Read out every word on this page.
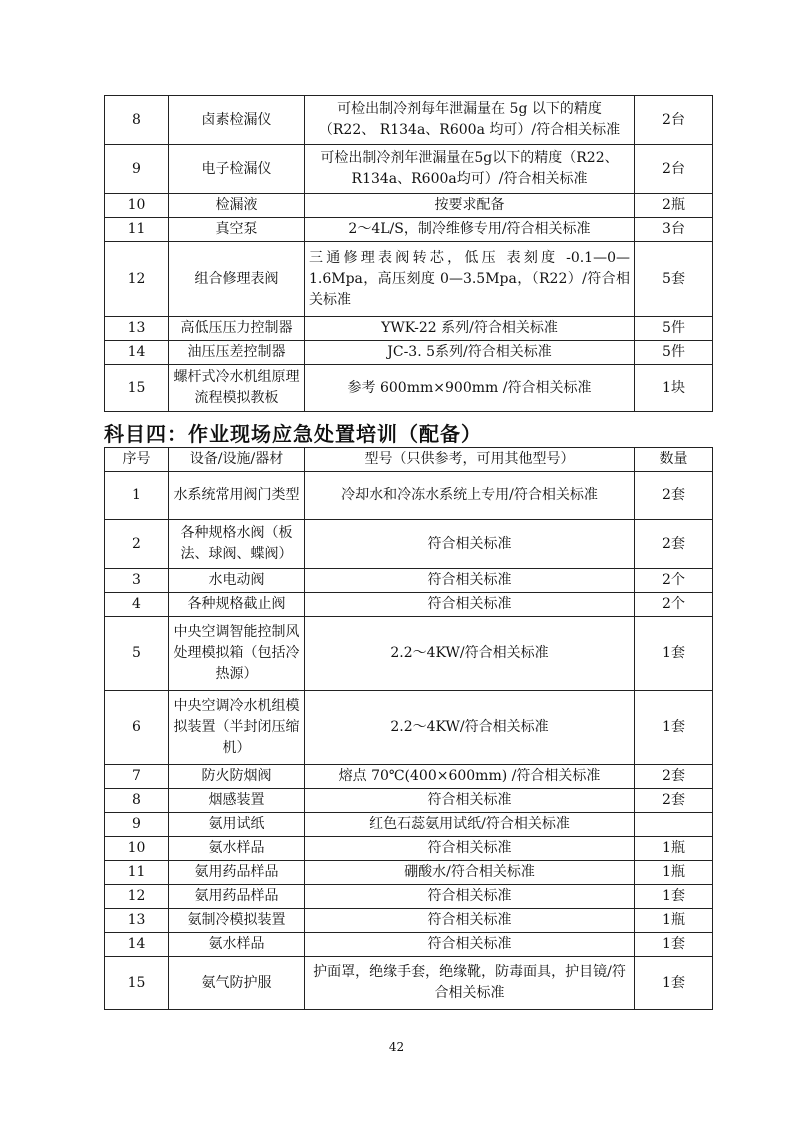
8	卤素检漏仪	可检出制冷剂每年泄漏量在 5g 以下的精度（R22、 R134a、R600a 均可）/符合相关标准	2台
9	电子检漏仪	可检出制冷剂年泄漏量在5g以下的精度（R22、R134a、R600a均可）/符合相关标准	2台
10	检漏液	按要求配备	2瓶
11	真空泵	2〜4L/S，制冷维修专用/符合相关标准	3台
12	组合修理表阀	三通修理表阀转芯，低压 表刻度 -0.1—0—1.6Mpa，高压刻度 0—3.5Mpa，（R22）/符合相关标准	5套
13	高低压压力控制器	YWK-22 系列/符合相关标准	5件
14	油压压差控制器	JC-3. 5系列/符合相关标准	5件
15	螺杆式冷水机组原理流程模拟教板	参考 600mm×900mm /符合相关标准	1块
科目四：作业现场应急处置培训（配备）
序号	设备/设施/器材	型号（只供参考，可用其他型号）	数量
1	水系统常用阀门类型	冷却水和冷冻水系统上专用/符合相关标准	2套
2	各种规格水阀（板法、球阀、蝶阀）	符合相关标准	2套
3	水电动阀	符合相关标准	2个
4	各种规格截止阀	符合相关标准	2个
5	中央空调智能控制风处理模拟箱（包括冷热源）	2.2〜4KW/符合相关标准	1套
6	中央空调冷水机组模拟装置（半封闭压缩机）	2.2〜4KW/符合相关标准	1套
7	防火防烟阀	熔点 70℃(400×600mm) /符合相关标准	2套
8	烟感装置	符合相关标准	2套
9	氨用试纸	红色石蕊氨用试纸/符合相关标准	
10	氨水样品	符合相关标准	1瓶
11	氨用药品样品	硼酸水/符合相关标准	1瓶
12	氨用药品样品	符合相关标准	1套
13	氨制冷模拟装置	符合相关标准	1瓶
14	氨水样品	符合相关标准	1套
15	氨气防护服	护面罩，绝缘手套，绝缘靴，防毒面具，护目镜/符合相关标准	1套
42
